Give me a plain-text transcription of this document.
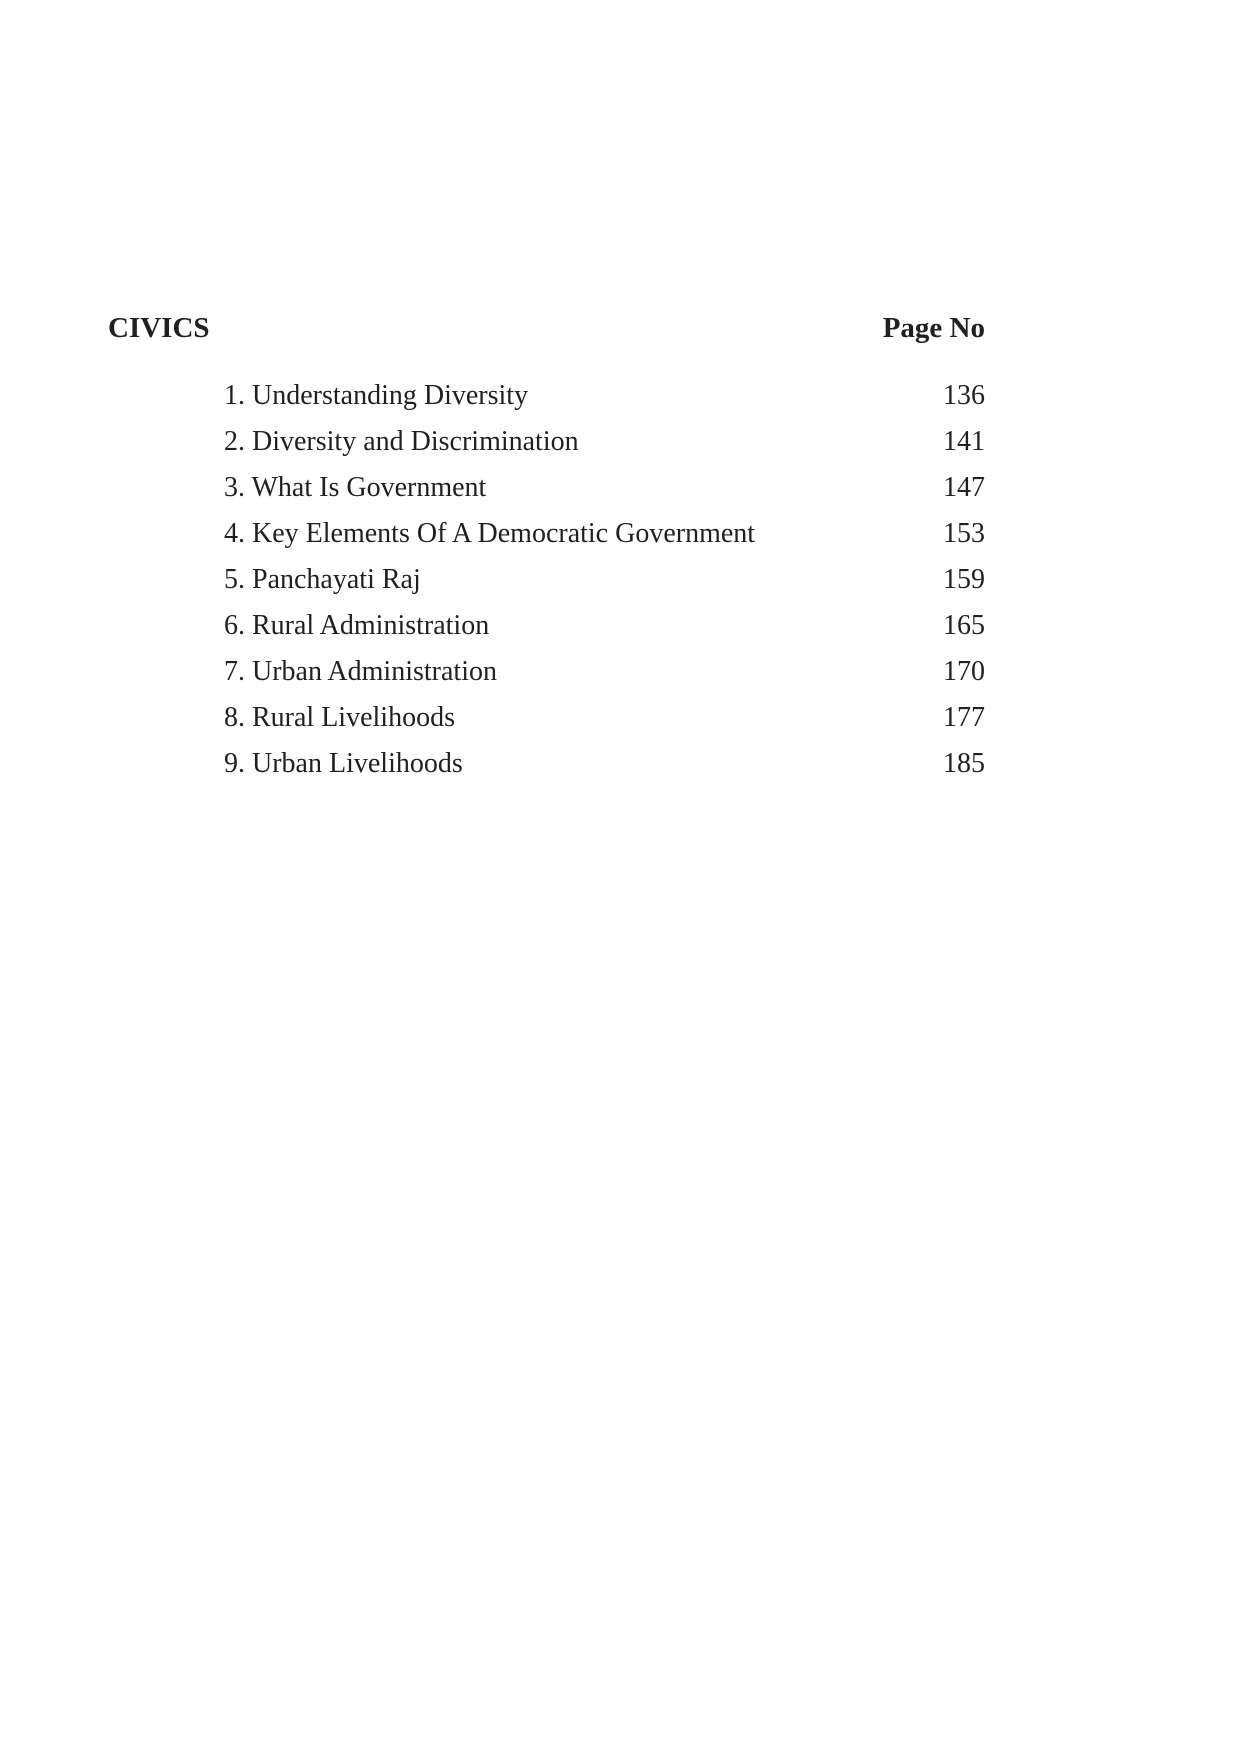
CIVICS	Page No
1. Understanding Diversity	136
2. Diversity and Discrimination	141
3. What Is Government	147
4. Key Elements Of A Democratic Government	153
5. Panchayati Raj	159
6. Rural Administration	165
7. Urban Administration	170
8. Rural Livelihoods	177
9. Urban Livelihoods	185
